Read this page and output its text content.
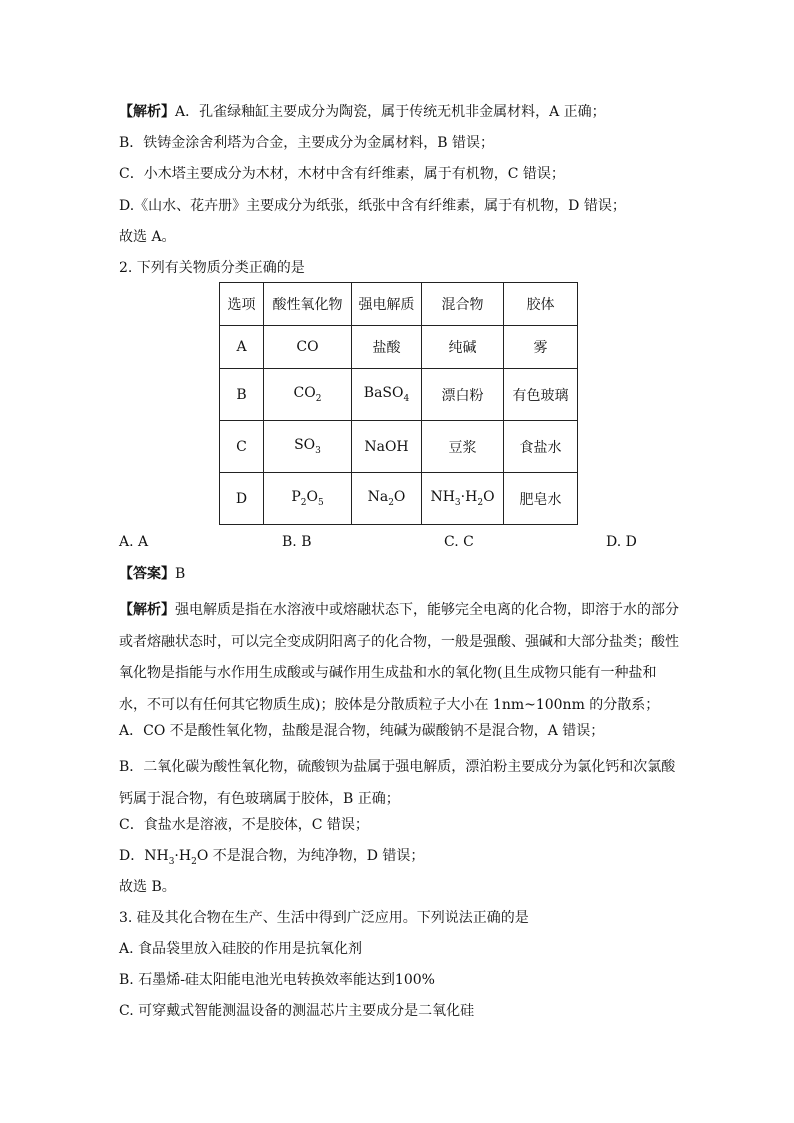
【解析】A．孔雀绿釉缸主要成分为陶瓷，属于传统无机非金属材料，A 正确；
B．铁铸金涂舍利塔为合金，主要成分为金属材料，B 错误；
C．小木塔主要成分为木材，木材中含有纤维素，属于有机物，C 错误；
D.《山水、花卉册》主要成分为纸张，纸张中含有纤维素，属于有机物，D 错误；
故选 A。
2. 下列有关物质分类正确的是
选项	酸性氧化物	强电解质	混合物	胶体
A	CO	盐酸	纯碱	雾
B	$CO_2$	BaSO$_4$	漂白粉	有色玻璃
C	$SO_3$	NaOH	豆浆	食盐水
D	$P_2O_5$	$Na_2O$	$NH_3\cdot H_2O$	肥皂水
A. A	B. B	C. C	D. D
【答案】B
【解析】强电解质是指在水溶液中或熔融状态下，能够完全电离的化合物，即溶于水的部分或者熔融状态时，可以完全变成阴阳离子的化合物，一般是强酸、强碱和大部分盐类；酸性氧化物是指能与水作用生成酸或与碱作用生成盐和水的氧化物(且生成物只能有一种盐和水，不可以有任何其它物质生成)；胶体是分散质粒子大小在 1nm~100nm 的分散系；
A．CO 不是酸性氧化物，盐酸是混合物，纯碱为碳酸钠不是混合物，A 错误；
B．二氧化碳为酸性氧化物，硫酸钡为盐属于强电解质，漂泊粉主要成分为氯化钙和次氯酸钙属于混合物，有色玻璃属于胶体，B 正确；
C．食盐水是溶液，不是胶体，C 错误；
D．$NH_3\cdot H_2O$ 不是混合物，为纯净物，D 错误；
故选 B。
3. 硅及其化合物在生产、生活中得到广泛应用。下列说法正确的是
A. 食品袋里放入硅胶的作用是抗氧化剂
B. 石墨烯-硅太阳能电池光电转换效率能达到100%
C. 可穿戴式智能测温设备的测温芯片主要成分是二氧化硅
